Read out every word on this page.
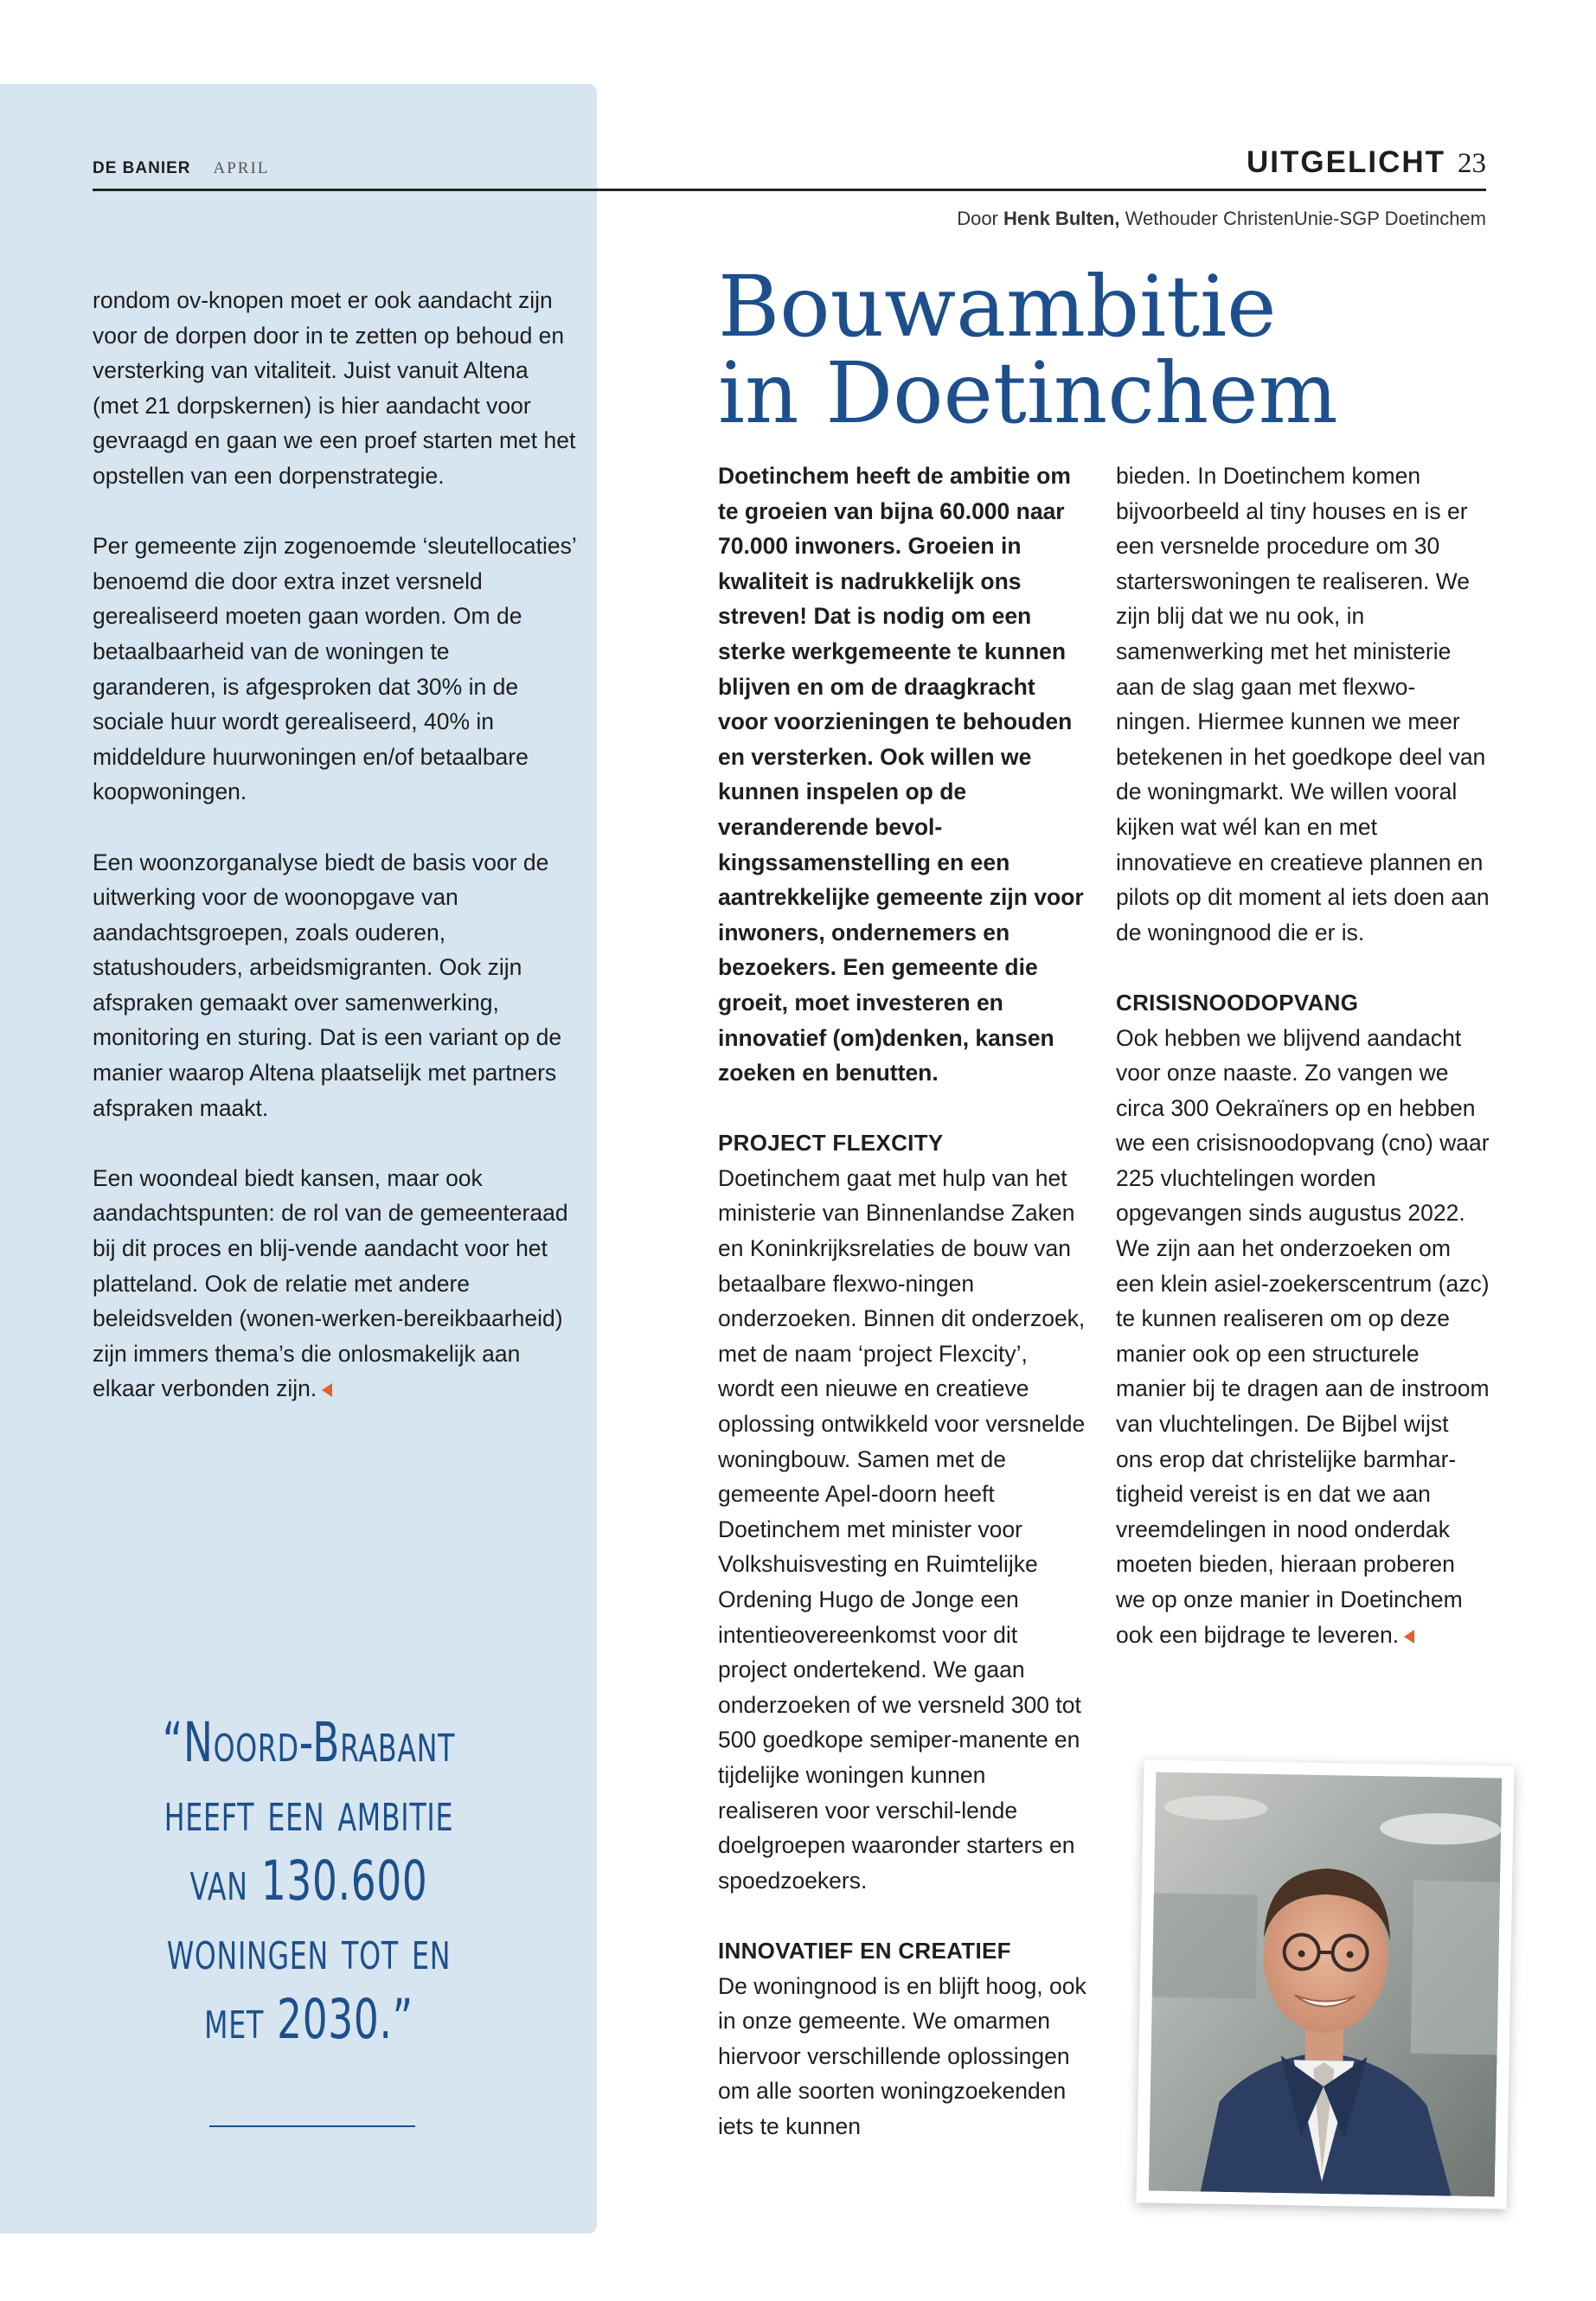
DE BANIER APRIL	UITGELICHT 23
Door Henk Bulten, Wethouder ChristenUnie-SGP Doetinchem
Bouwambitie
in Doetinchem

rondom ov-knopen moet er ook aandacht zijn voor de dorpen door in te zetten op behoud en versterking van vitaliteit. Juist vanuit Altena (met 21 dorpskernen) is hier aandacht voor gevraagd en gaan we een proef starten met het opstellen van een dorpenstrategie.

Per gemeente zijn zogenoemde ‘sleutellocaties’ benoemd die door extra inzet versneld gerealiseerd moeten gaan worden. Om de betaalbaarheid van de woningen te garanderen, is afgesproken dat 30% in de sociale huur wordt gerealiseerd, 40% in middeldure huurwoningen en/of betaalbare koopwoningen.

Een woonzorganalyse biedt de basis voor de uitwerking voor de woonopgave van aandachtsgroepen, zoals ouderen, statushouders, arbeidsmigranten. Ook zijn afspraken gemaakt over samenwerking, monitoring en sturing. Dat is een variant op de manier waarop Altena plaatselijk met partners afspraken maakt.

Een woondeal biedt kansen, maar ook aandachtspunten: de rol van de gemeenteraad bij dit proces en blij-vende aandacht voor het platteland. Ook de relatie met andere beleidsvelden (wonen-werken-bereikbaarheid) zijn immers thema’s die onlosmakelijk aan elkaar verbonden zijn.

“Noord-Brabant heeft een ambitie van 130.600 woningen tot en met 2030.”

Doetinchem heeft de ambitie om te groeien van bijna 60.000 naar 70.000 inwoners. Groeien in kwaliteit is nadrukkelijk ons streven! Dat is nodig om een sterke werkgemeente te kunnen blijven en om de draagkracht voor voorzieningen te behouden en versterken. Ook willen we kunnen inspelen op de veranderende bevol-kingssamenstelling en een aantrekkelijke gemeente zijn voor inwoners, ondernemers en bezoekers. Een gemeente die groeit, moet investeren en innovatief (om)denken, kansen zoeken en benutten.

PROJECT FLEXCITY

Doetinchem gaat met hulp van het ministerie van Binnenlandse Zaken en Koninkrijksrelaties de bouw van betaalbare flexwo-ningen onderzoeken. Binnen dit onderzoek, met de naam ‘project Flexcity’, wordt een nieuwe en creatieve oplossing ontwikkeld voor versnelde woningbouw. Samen met de gemeente Apel-doorn heeft Doetinchem met minister voor Volkshuisvesting en Ruimtelijke Ordening Hugo de Jonge een intentieovereenkomst voor dit project ondertekend. We gaan onderzoeken of we versneld 300 tot 500 goedkope semiper-manente en tijdelijke woningen kunnen realiseren voor verschil-lende doelgroepen waaronder starters en spoedzoekers.

INNOVATIEF EN CREATIEF

De woningnood is en blijft hoog, ook in onze gemeente. We omarmen hiervoor verschillende oplossingen om alle soorten woningzoekenden iets te kunnen

bieden. In Doetinchem komen bijvoorbeeld al tiny houses en is er een versnelde procedure om 30 starterswoningen te realiseren. We zijn blij dat we nu ook, in samenwerking met het ministerie aan de slag gaan met flexwo-ningen. Hiermee kunnen we meer betekenen in het goedkope deel van de woningmarkt. We willen vooral kijken wat wél kan en met innovatieve en creatieve plannen en pilots op dit moment al iets doen aan de woningnood die er is.

CRISISNOODOPVANG

Ook hebben we blijvend aandacht voor onze naaste. Zo vangen we circa 300 Oekraïners op en hebben we een crisisnoodopvang (cno) waar 225 vluchtelingen worden opgevangen sinds augustus 2022. We zijn aan het onderzoeken om een klein asiel-zoekerscentrum (azc) te kunnen realiseren om op deze manier ook op een structurele manier bij te dragen aan de instroom van vluchtelingen. De Bijbel wijst ons erop dat christelijke barmhar-tigheid vereist is en dat we aan vreemdelingen in nood onderdak moeten bieden, hieraan proberen we op onze manier in Doetinchem ook een bijdrage te leveren.
